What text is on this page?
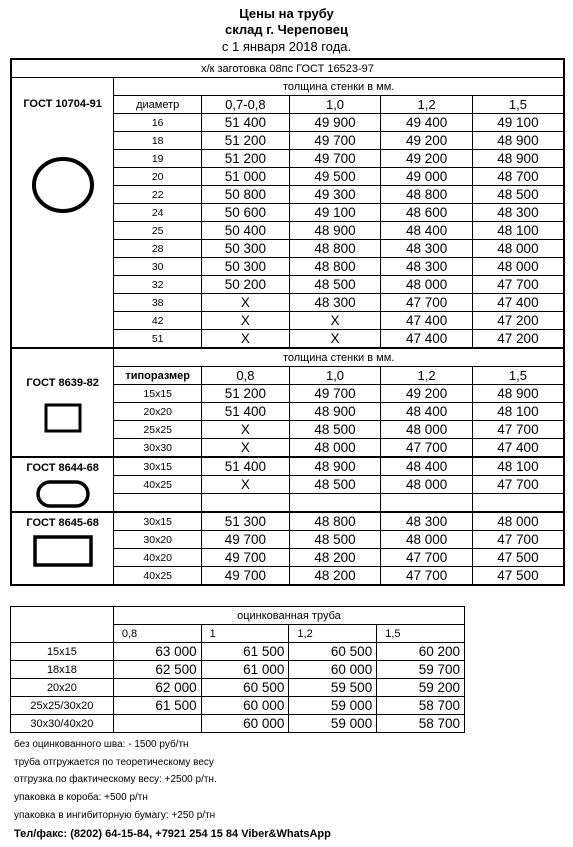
Цены на трубу
склад г. Череповец
с 1 января 2018 года.
х/к заготовка 08пс ГОСТ 16523-97					
ГОСТ 10704-91	толщина стенки в мм.				
	диаметр	0,7-0,8	1,0	1,2	1,5
	16	51 400	49 900	49 400	49 100
	18	51 200	49 700	49 200	48 900
	19	51 200	49 700	49 200	48 900
	20	51 000	49 500	49 000	48 700
	22	50 800	49 300	48 800	48 500
	24	50 600	49 100	48 600	48 300
	25	50 400	48 900	48 400	48 100
	28	50 300	48 800	48 300	48 000
	30	50 300	48 800	48 300	48 000
	32	50 200	48 500	48 000	47 700
	38	X	48 300	47 700	47 400
	42	X	X	47 400	47 200
	51	X	X	47 400	47 200
	толщина стенки в мм.				
ГОСТ 8639-82	типоразмер	0,8	1,0	1,2	1,5
	15x15	51 200	49 700	49 200	48 900
	20x20	51 400	48 900	48 400	48 100
	25x25	X	48 500	48 000	47 700
	30x30	X	48 000	47 700	47 400
ГОСТ 8644-68	30x15	51 400	48 900	48 400	48 100
	40x25	X	48 500	48 000	47 700

ГОСТ 8645-68	30x15	51 300	48 800	48 300	48 000
	30x20	49 700	48 500	48 000	47 700
	40x20	49 700	48 200	47 700	47 500
	40x25	49 700	48 200	47 700	47 500
	оцинкованная труба			
	0,8	1	1,2	1,5
15x15	63 000	61 500	60 500	60 200
18x18	62 500	61 000	60 000	59 700
20x20	62 000	60 500	59 500	59 200
25x25/30x20	61 500	60 000	59 000	58 700
30x30/40x20		60 000	59 000	58 700
без оцинкованного шва: - 1500 руб/тн
труба отгружается по теоретическому весу
отгрузка по фактическому весу: +2500 р/тн.
упаковка в короба: +500 р/тн
упаковка в ингибиторную бумагу: +250 р/тн
Тел/факс: (8202) 64-15-84, +7921 254 15 84 Viber&WhatsApp
